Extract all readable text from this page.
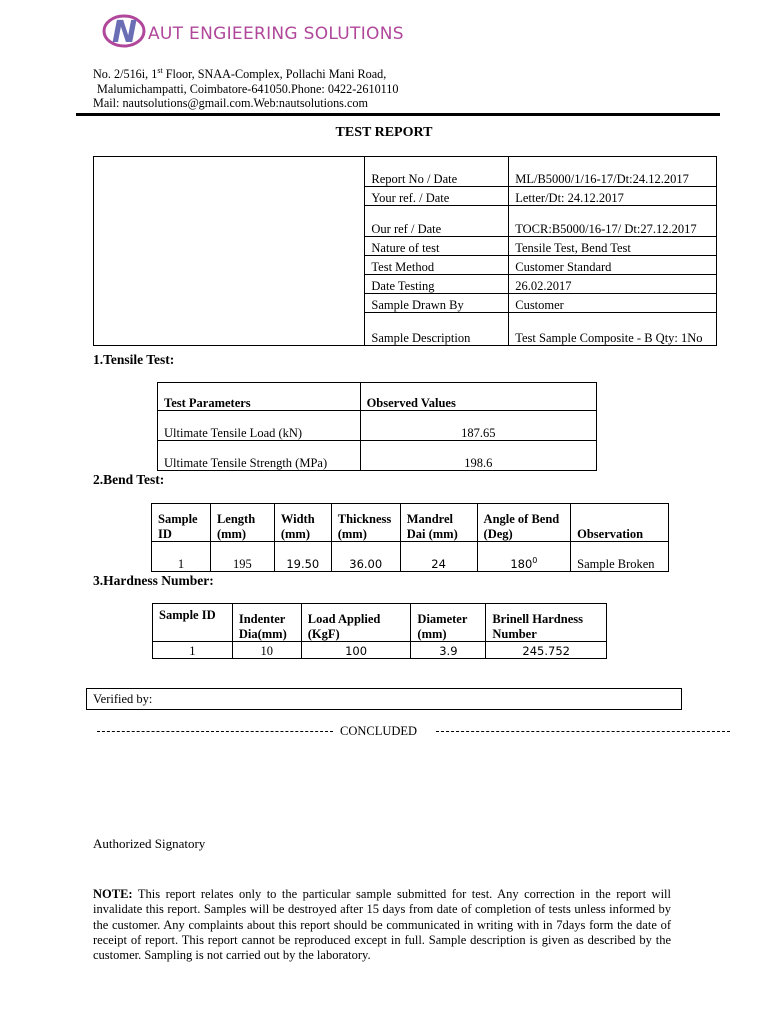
N AUT ENGIEERING SOLUTIONS
No. 2/516i, 1st Floor, SNAA-Complex, Pollachi Mani Road,
Malumichampatti, Coimbatore-641050.Phone: 0422-2610110
Mail: nautsolutions@gmail.com.Web:nautsolutions.com
TEST REPORT
	Report No / Date	ML/B5000/1/16-17/Dt:24.12.2017
	Your ref. / Date	Letter/Dt: 24.12.2017
	Our ref / Date	TOCR:B5000/16-17/ Dt:27.12.2017
	Nature of test	Tensile Test, Bend Test
	Test Method	Customer Standard
	Date Testing	26.02.2017
	Sample Drawn By	Customer
	Sample Description	Test Sample Composite - B Qty: 1No
1.Tensile Test:
Test Parameters	Observed Values
Ultimate Tensile Load (kN)	187.65
Ultimate Tensile Strength (MPa)	198.6
2.Bend Test:
Sample ID	Length (mm)	Width (mm)	Thickness (mm)	Mandrel Dai (mm)	Angle of Bend (Deg)	Observation
1	195	19.50	36.00	24	$180^0$	Sample Broken
3.Hardness Number:
Sample ID	Indenter Dia(mm)	Load Applied (KgF)	Diameter (mm)	Brinell Hardness Number
1	10	100	3.9	245.752
Verified by:
CONCLUDED
Authorized Signatory
NOTE: This report relates only to the particular sample submitted for test. Any correction in the report will invalidate this report. Samples will be destroyed after 15 days from date of completion of tests unless informed by the customer. Any complaints about this report should be communicated in writing with in 7days form the date of receipt of report. This report cannot be reproduced except in full. Sample description is given as described by the customer. Sampling is not carried out by the laboratory.
